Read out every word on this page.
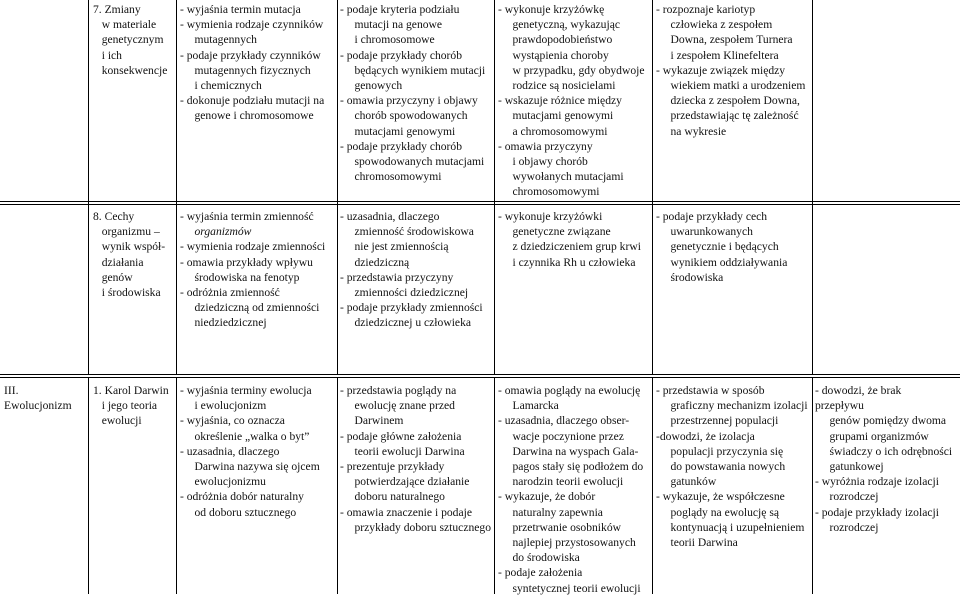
7. Zmiany
w materiale
genetycznym
i ich
konsekwencje
- wyjaśnia termin mutacja
- wymienia rodzaje czynników
mutagennych
- podaje przykłady czynników
mutagennych fizycznych
i chemicznych
- dokonuje podziału mutacji na
genowe i chromosomowe
- podaje kryteria podziału
mutacji na genowe
i chromosomowe
- podaje przykłady chorób
będących wynikiem mutacji
genowych
- omawia przyczyny i objawy
chorób spowodowanych
mutacjami genowymi
- podaje przykłady chorób
spowodowanych mutacjami
chromosomowymi
- wykonuje krzyżówkę
genetyczną, wykazując
prawdopodobieństwo
wystąpienia choroby
w przypadku, gdy obydwoje
rodzice są nosicielami
- wskazuje różnice między
mutacjami genowymi
a chromosomowymi
- omawia przyczyny
i objawy chorób
wywołanych mutacjami
chromosomowymi
- rozpoznaje kariotyp
człowieka z zespołem
Downa, zespołem Turnera
i zespołem Klinefeltera
- wykazuje związek między
wiekiem matki a urodzeniem
dziecka z zespołem Downa,
przedstawiając tę zależność
na wykresie
8. Cechy
organizmu –
wynik współ-
działania
genów
i środowiska
- wyjaśnia termin zmienność
organizmów
- wymienia rodzaje zmienności
- omawia przykłady wpływu
środowiska na fenotyp
- odróżnia zmienność
dziedziczną od zmienności
niedziedzicznej
- uzasadnia, dlaczego
zmienność środowiskowa
nie jest zmiennością
dziedziczną
- przedstawia przyczyny
zmienności dziedzicznej
- podaje przykłady zmienności
dziedzicznej u człowieka
- wykonuje krzyżówki
genetyczne związane
z dziedziczeniem grup krwi
i czynnika Rh u człowieka
- podaje przykłady cech
uwarunkowanych
genetycznie i będących
wynikiem oddziaływania
środowiska
III.
Ewolucjonizm
1. Karol Darwin
i jego teoria
ewolucji
- wyjaśnia terminy ewolucja
i ewolucjonizm
- wyjaśnia, co oznacza
określenie „walka o byt”
- uzasadnia, dlaczego
Darwina nazywa się ojcem
ewolucjonizmu
- odróżnia dobór naturalny
od doboru sztucznego
- przedstawia poglądy na
ewolucję znane przed
Darwinem
- podaje główne założenia
teorii ewolucji Darwina
- prezentuje przykłady
potwierdzające działanie
doboru naturalnego
- omawia znaczenie i podaje
przykłady doboru sztucznego
- omawia poglądy na ewolucję
Lamarcka
- uzasadnia, dlaczego obser-
wacje poczynione przez
Darwina na wyspach Gala-
pagos stały się podłożem do
narodzin teorii ewolucji
- wykazuje, że dobór
naturalny zapewnia
przetrwanie osobników
najlepiej przystosowanych
do środowiska
- podaje założenia
syntetycznej teorii ewolucji
- przedstawia w sposób
graficzny mechanizm izolacji
przestrzennej populacji
-dowodzi, że izolacja
populacji przyczynia się
do powstawania nowych
gatunków
- wykazuje, że współczesne
poglądy na ewolucję są
kontynuacją i uzupełnieniem
teorii Darwina
- dowodzi, że brak
przepływu
genów pomiędzy dwoma
grupami organizmów
świadczy o ich odrębności
gatunkowej
- wyróżnia rodzaje izolacji
rozrodczej
- podaje przykłady izolacji
rozrodczej
